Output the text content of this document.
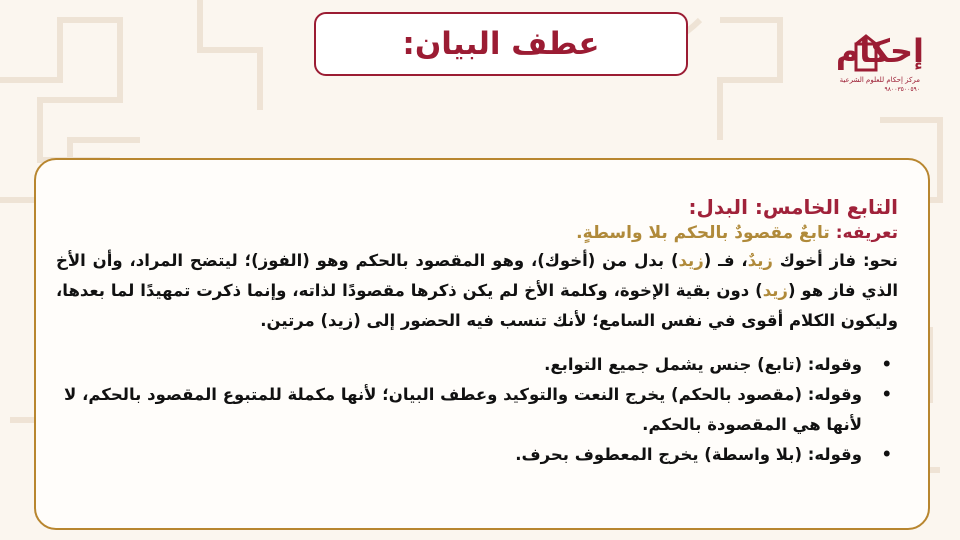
عطف البيان:	إحكام
مركز إحكام للعلوم الشرعية
٩٨٠٠٣٥٠٠٥٩٠

التابع الخامس: البدل:

تعريفه: تابعٌ مقصودٌ بالحكم بلا واسطةٍ.

نحو: فاز أخوك زيدٌ، فـ (زيد) بدل من (أخوك)، وهو المقصود بالحكم وهو (الفوز)؛ ليتضح المراد، وأن الأخ الذي فاز هو (زيد) دون بقية الإخوة، وكلمة الأخ لم يكن ذكرها مقصودًا لذاته، وإنما ذكرت تمهيدًا لما بعدها، وليكون الكلام أقوى في نفس السامع؛ لأنك تنسب فيه الحضور إلى (زيد) مرتين.

• وقوله: (تابع) جنس يشمل جميع التوابع.
• وقوله: (مقصود بالحكم) يخرج النعت والتوكيد وعطف البيان؛ لأنها مكملة للمتبوع المقصود بالحكم، لا لأنها هي المقصودة بالحكم.
• وقوله: (بلا واسطة) يخرج المعطوف بحرف.
